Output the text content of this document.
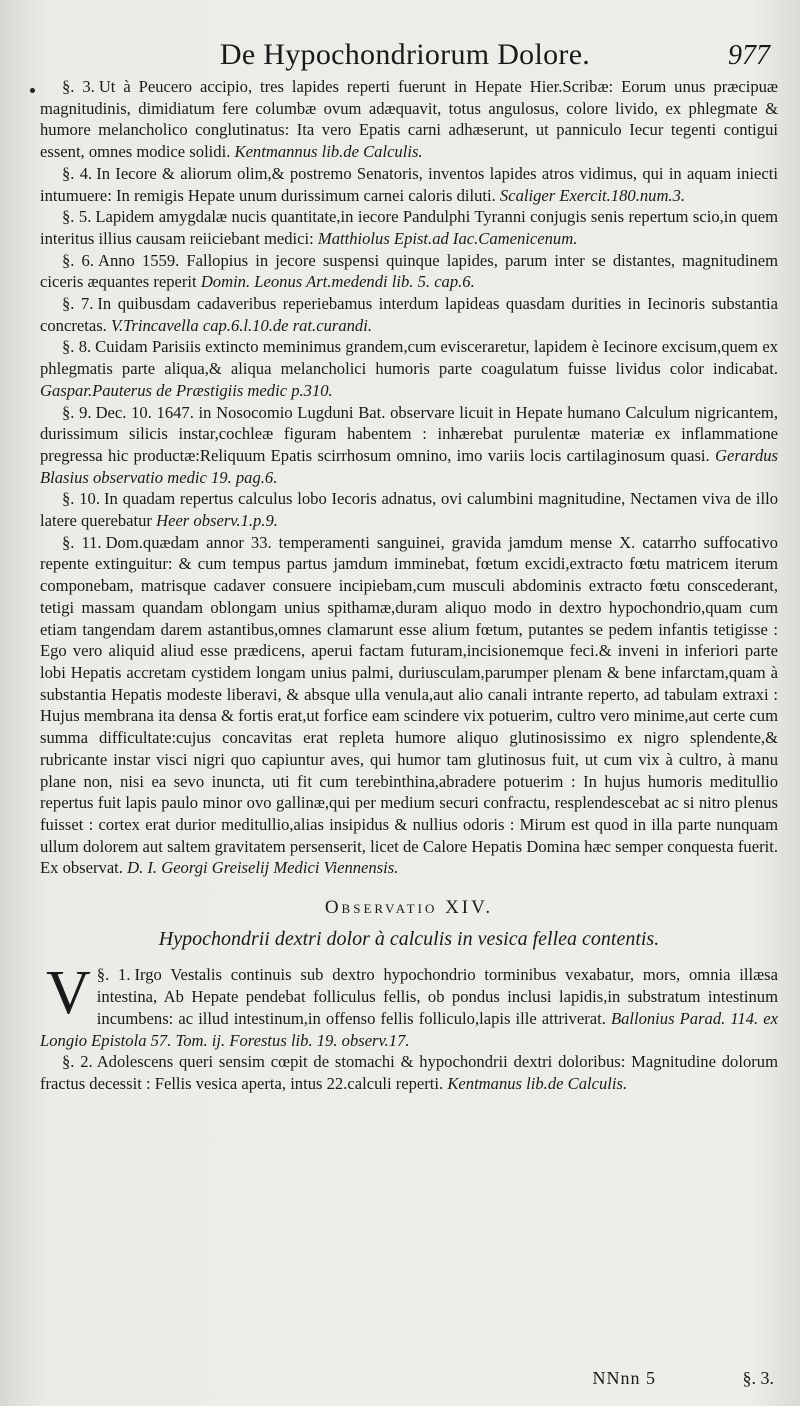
De Hypochondriorum Dolore.	977

§. 3. Ut à Peucero accipio, tres lapides reperti fuerunt in Hepate Hier.Scribæ: Eorum unus præcipuæ magnitudinis, dimidiatum fere columbæ ovum adæquavit, totus angulosus, colore livido, ex phlegmate & humore melancholico conglutinatus: Ita vero Epatis carni adhæserunt, ut panniculo Iecur tegenti contigui essent, omnes modice solidi. Kentmannus lib.de Calculis.

§. 4. In Iecore & aliorum olim,& postremo Senatoris, inventos lapides atros vidimus, qui in aquam iniecti intumuere: In remigis Hepate unum durissimum carnei caloris diluti. Scaliger Exercit.180.num.3.

§. 5. Lapidem amygdalæ nucis quantitate,in iecore Pandulphi Tyranni conjugis senis repertum scio,in quem interitus illius causam reiiciebant medici: Matthiolus Epist.ad Iac.Camenicenum.

§. 6. Anno 1559. Fallopius in jecore suspensi quinque lapides, parum inter se distantes, magnitudinem ciceris æquantes reperit Domin. Leonus Art.medendi lib. 5. cap.6.

§. 7. In quibusdam cadaveribus reperiebamus interdum lapideas quasdam durities in Iecinoris substantia concretas. V.Trincavella cap.6.l.10.de rat.curandi.

§. 8. Cuidam Parisiis extincto meminimus grandem,cum evisceraretur, lapidem è Iecinore excisum,quem ex phlegmatis parte aliqua,& aliqua melancholici humoris parte coagulatum fuisse lividus color indicabat. Gaspar.Pauterus de Præstigiis medic p.310.

§. 9. Dec. 10. 1647. in Nosocomio Lugduni Bat. observare licuit in Hepate humano Calculum nigricantem, durissimum silicis instar,cochleæ figuram habentem : inhærebat purulentæ materiæ ex inflammatione pregressa hic productæ:Reliquum Epatis scirrhosum omnino, imo variis locis cartilaginosum quasi. Gerardus Blasius observatio medic 19. pag.6.

§. 10. In quadam repertus calculus lobo Iecoris adnatus, ovi calumbini magnitudine, Nectamen viva de illo latere querebatur Heer observ.1.p.9.

§. 11. Dom.quædam annor 33. temperamenti sanguinei, gravida jamdum mense X. catarrho suffocativo repente extinguitur: & cum tempus partus jamdum imminebat, fœtum excidi,extracto fœtu matricem iterum componebam, matrisque cadaver consuere incipiebam,cum musculi abdominis extracto fœtu conscederant, tetigi massam quandam oblongam unius spithamæ,duram aliquo modo in dextro hypochondrio,quam cum etiam tangendam darem astantibus,omnes clamarunt esse alium fœtum, putantes se pedem infantis tetigisse : Ego vero aliquid aliud esse prædicens, aperui factam futuram,incisionemque feci.& inveni in inferiori parte lobi Hepatis accretam cystidem longam unius palmi, duriusculam,parumper plenam & bene infarctam,quam à substantia Hepatis modeste liberavi, & absque ulla venula,aut alio canali intrante reperto, ad tabulam extraxi : Hujus membrana ita densa & fortis erat,ut forfice eam scindere vix potuerim, cultro vero minime,aut certe cum summa difficultate:cujus concavitas erat repleta humore aliquo glutinosissimo ex nigro splendente,& rubricante instar visci nigri quo capiuntur aves, qui humor tam glutinosus fuit, ut cum vix à cultro, à manu plane non, nisi ea sevo inuncta, uti fit cum terebinthina,abradere potuerim : In hujus humoris meditullio repertus fuit lapis paulo minor ovo gallinæ,qui per medium securi confractu, resplendescebat ac si nitro plenus fuisset : cortex erat durior meditullio,alias insipidus & nullius odoris : Mirum est quod in illa parte nunquam ullum dolorem aut saltem gravitatem persenserit, licet de Calore Hepatis Domina hæc semper conquesta fuerit. Ex observat. D. I. Georgi Greiselij Medici Viennensis.

Observatio XIV.
Hypochondrii dextri dolor à calculis in vesica fellea contentis.

§. 1.
V	Irgo Vestalis continuis sub dextro hypochondrio torminibus vexabatur, mors, omnia illæsa intestina, Ab Hepate pendebat folliculus fellis, ob pondus inclusi lapidis,in substratum intestinum incumbens: ac illud intestinum,in offenso fellis folliculo,lapis ille attriverat. Ballonius Parad. 114. ex Longio Epistola 57. Tom. ij. Forestus lib. 19. observ.17.

§. 2. Adolescens queri sensim cœpit de stomachi & hypochondrii dextri doloribus: Magnitudine dolorum fractus decessit : Fellis vesica aperta, intus 22.calculi reperti. Kentmanus lib.de Calculis.

NNnn 5	§. 3.
